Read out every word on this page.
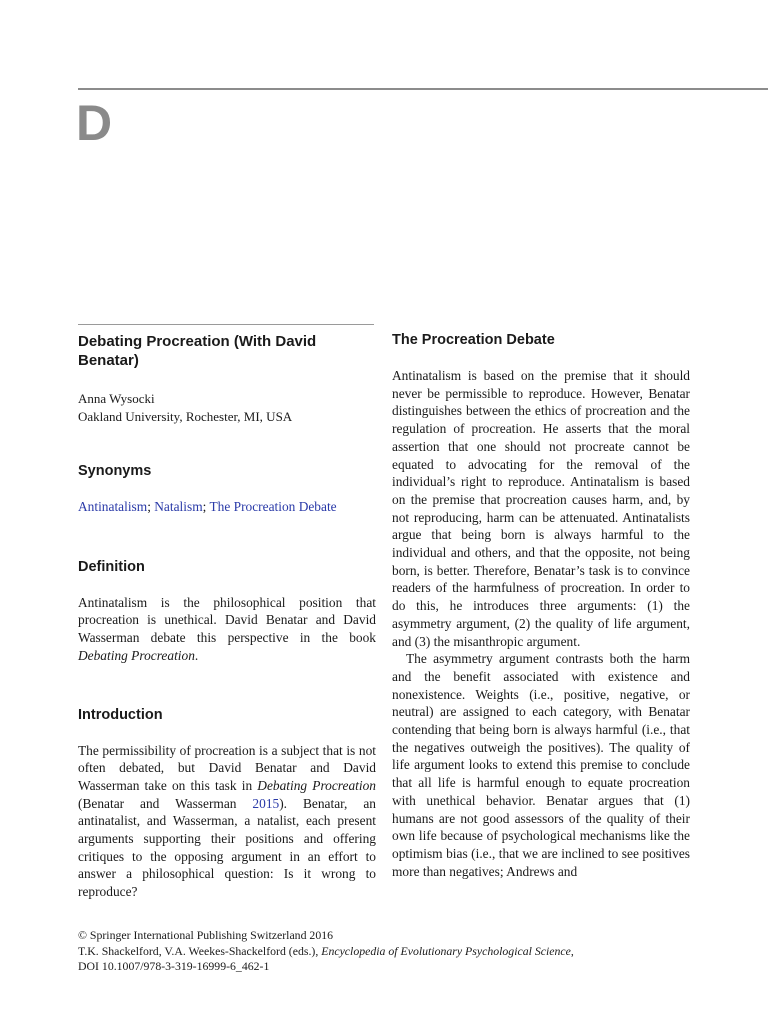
D
Debating Procreation (With David Benatar)
Anna Wysocki
Oakland University, Rochester, MI, USA
Synonyms

Antinatalism; Natalism; The Procreation Debate

Definition

Antinatalism is the philosophical position that procreation is unethical. David Benatar and David Wasserman debate this perspective in the book Debating Procreation.

Introduction

The permissibility of procreation is a subject that is not often debated, but David Benatar and David Wasserman take on this task in Debating Procreation (Benatar and Wasserman 2015). Benatar, an antinatalist, and Wasserman, a natalist, each present arguments supporting their positions and offering critiques to the opposing argument in an effort to answer a philosophical question: Is it wrong to reproduce?

The Procreation Debate

Antinatalism is based on the premise that it should never be permissible to reproduce. However, Benatar distinguishes between the ethics of procreation and the regulation of procreation. He asserts that the moral assertion that one should not procreate cannot be equated to advocating for the removal of the individual’s right to reproduce. Antinatalism is based on the premise that procreation causes harm, and, by not reproducing, harm can be attenuated. Antinatalists argue that being born is always harmful to the individual and others, and that the opposite, not being born, is better. Therefore, Benatar’s task is to convince readers of the harmfulness of procreation. In order to do this, he introduces three arguments: (1) the asymmetry argument, (2) the quality of life argument, and (3) the misanthropic argument.

The asymmetry argument contrasts both the harm and the benefit associated with existence and nonexistence. Weights (i.e., positive, negative, or neutral) are assigned to each category, with Benatar contending that being born is always harmful (i.e., that the negatives outweigh the positives). The quality of life argument looks to extend this premise to conclude that all life is harmful enough to equate procreation with unethical behavior. Benatar argues that (1) humans are not good assessors of the quality of their own life because of psychological mechanisms like the optimism bias (i.e., that we are inclined to see positives more than negatives; Andrews and

© Springer International Publishing Switzerland 2016
T.K. Shackelford, V.A. Weekes-Shackelford (eds.), Encyclopedia of Evolutionary Psychological Science,
DOI 10.1007/978-3-319-16999-6_462-1
